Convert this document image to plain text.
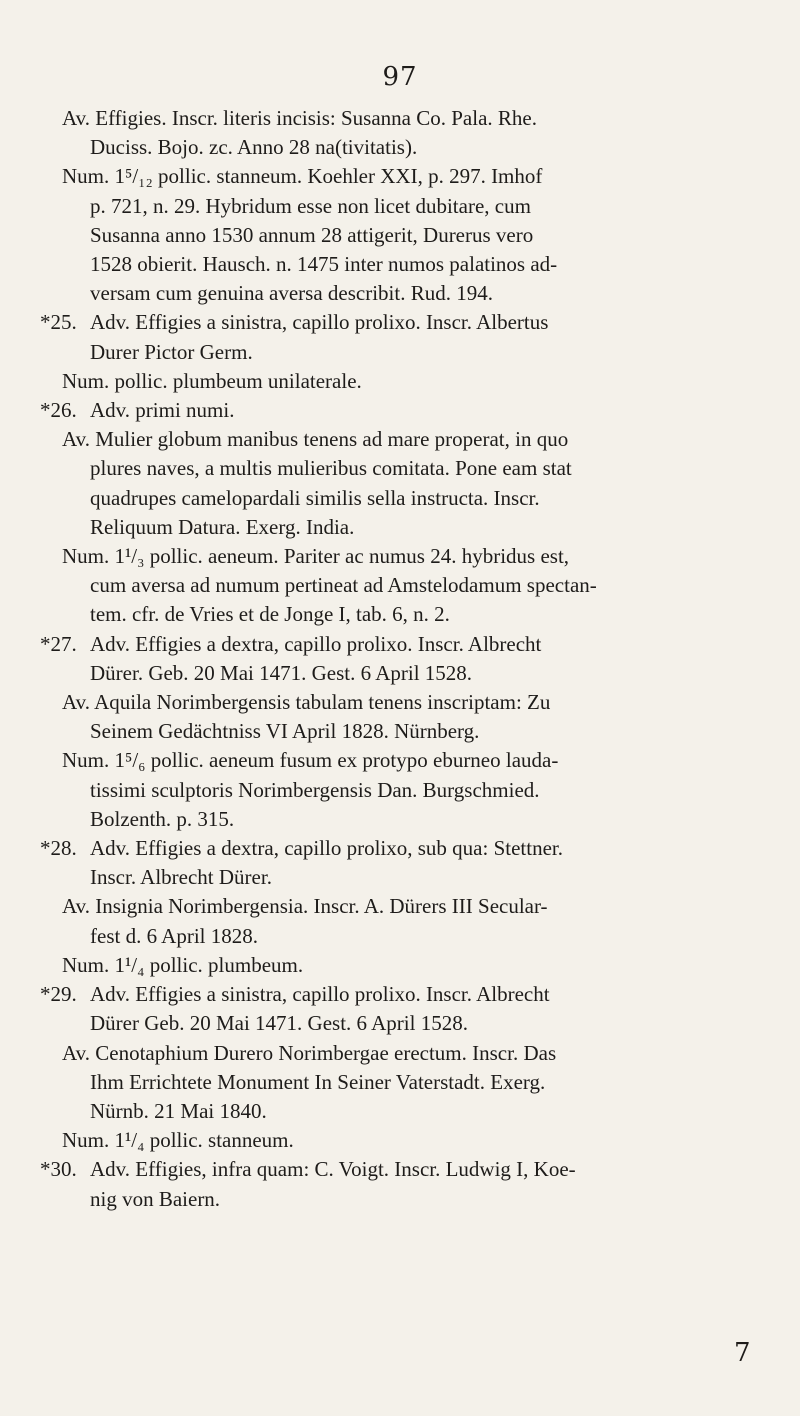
97
Av. Effigies. Inscr. literis incisis: Susanna Co. Pala. Rhe.
Duciss. Bojo. zc. Anno 28 na(tivitatis).
Num. 1⁵/₁₂ pollic. stanneum. Koehler XXI, p. 297. Imhof
p. 721, n. 29. Hybridum esse non licet dubitare, cum
Susanna anno 1530 annum 28 attigerit, Durerus vero
1528 obierit. Hausch. n. 1475 inter numos palatinos ad-
versam cum genuina aversa describit. Rud. 194.
*25. Adv. Effigies a sinistra, capillo prolixo. Inscr. Albertus
Durer Pictor Germ.
Num. pollic. plumbeum unilaterale.
*26. Adv. primi numi.
Av. Mulier globum manibus tenens ad mare properat, in quo
plures naves, a multis mulieribus comitata. Pone eam stat
quadrupes camelopardali similis sella instructa. Inscr.
Reliquum Datura. Exerg. India.
Num. 1¹/₃ pollic. aeneum. Pariter ac numus 24. hybridus est,
cum aversa ad numum pertineat ad Amstelodamum spectan-
tem. cfr. de Vries et de Jonge I, tab. 6, n. 2.
*27. Adv. Effigies a dextra, capillo prolixo. Inscr. Albrecht
Dürer. Geb. 20 Mai 1471. Gest. 6 April 1528.
Av. Aquila Norimbergensis tabulam tenens inscriptam: Zu
Seinem Gedächtniss VI April 1828. Nürnberg.
Num. 1⁵/₆ pollic. aeneum fusum ex protypo eburneo lauda-
tissimi sculptoris Norimbergensis Dan. Burgschmied.
Bolzenth. p. 315.
*28. Adv. Effigies a dextra, capillo prolixo, sub qua: Stettner.
Inscr. Albrecht Dürer.
Av. Insignia Norimbergensia. Inscr. A. Dürers III Secular-
fest d. 6 April 1828.
Num. 1¹/₄ pollic. plumbeum.
*29. Adv. Effigies a sinistra, capillo prolixo. Inscr. Albrecht
Dürer Geb. 20 Mai 1471. Gest. 6 April 1528.
Av. Cenotaphium Durero Norimbergae erectum. Inscr. Das
Ihm Errichtete Monument In Seiner Vaterstadt. Exerg.
Nürnb. 21 Mai 1840.
Num. 1¹/₄ pollic. stanneum.
*30. Adv. Effigies, infra quam: C. Voigt. Inscr. Ludwig I, Koe-
nig von Baiern.
7
